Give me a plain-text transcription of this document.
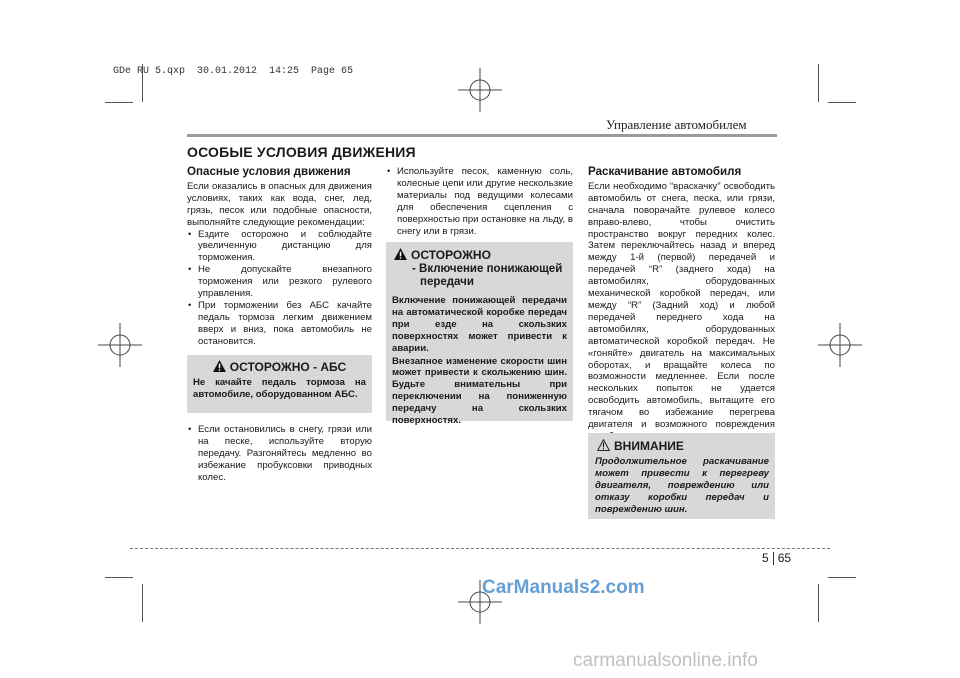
GDe RU 5.qxp  30.01.2012  14:25  Page 65
Управление автомобилем
ОСОБЫЕ УСЛОВИЯ ДВИЖЕНИЯ
Опасные условия движения

Если оказались в опасных для движения условиях, таких как вода, снег, лед, грязь, песок или подобные опасности, выполняйте следующие рекомендации:

• Ездите осторожно и соблюдайте увеличенную дистанцию для торможения.
• Не допускайте внезапного торможения или резкого рулевого управления.
• При торможении без АБС качайте педаль тормоза легким движением вверх и вниз, пока автомобиль не остановится.
ОСТОРОЖНО - АБС
Не качайте педаль тормоза на автомобиле, оборудованном АБС.
• Если остановились в снегу, грязи или на песке, используйте вторую передачу. Разгоняйтесь медленно во избежание пробуксовки приводных колес.
• Используйте песок, каменную соль, колесные цепи или другие нескользкие материалы под ведущими колесами для обеспечения сцепления с поверхностью при остановке на льду, в снегу или в грязи.
ОСТОРОЖНО
- Включение понижающей передачи
Включение понижающей передачи на автоматической коробке передач при езде на скользких поверхностях может привести к аварии.
Внезапное изменение скорости шин может привести к скольжению шин. Будьте внимательны при переключении на пониженную передачу на скользких поверхностях.
Раскачивание автомобиля

Если необходимо “враскачку” освободить автомобиль от снега, песка, или грязи, сначала поворачайте рулевое колесо вправо-влево, чтобы очистить пространство вокруг передних колес. Затем переключайтесь назад и вперед между 1-й (первой) передачей и передачей “R” (заднего хода) на автомобилях, оборудованных механической коробкой передач, или между “R” (Задний ход) и любой передачей переднего хода на автомобилях, оборудованных автоматической коробкой передач. Не «гоняйте» двигатель на максимальных оборотах, и вращайте колеса по возможности медленнее. Если после нескольких попыток не удается освободить автомобиль, вытащите его тягачом во избежание перегрева двигателя и возможного повреждения

ВНИМАНИЕ
Продолжительное раскачивание может привести к перегреву двигателя, повреждению или отказу коробки передач и повреждению шин.
5 65
CarManuals2.com
carmanualsonline.info
